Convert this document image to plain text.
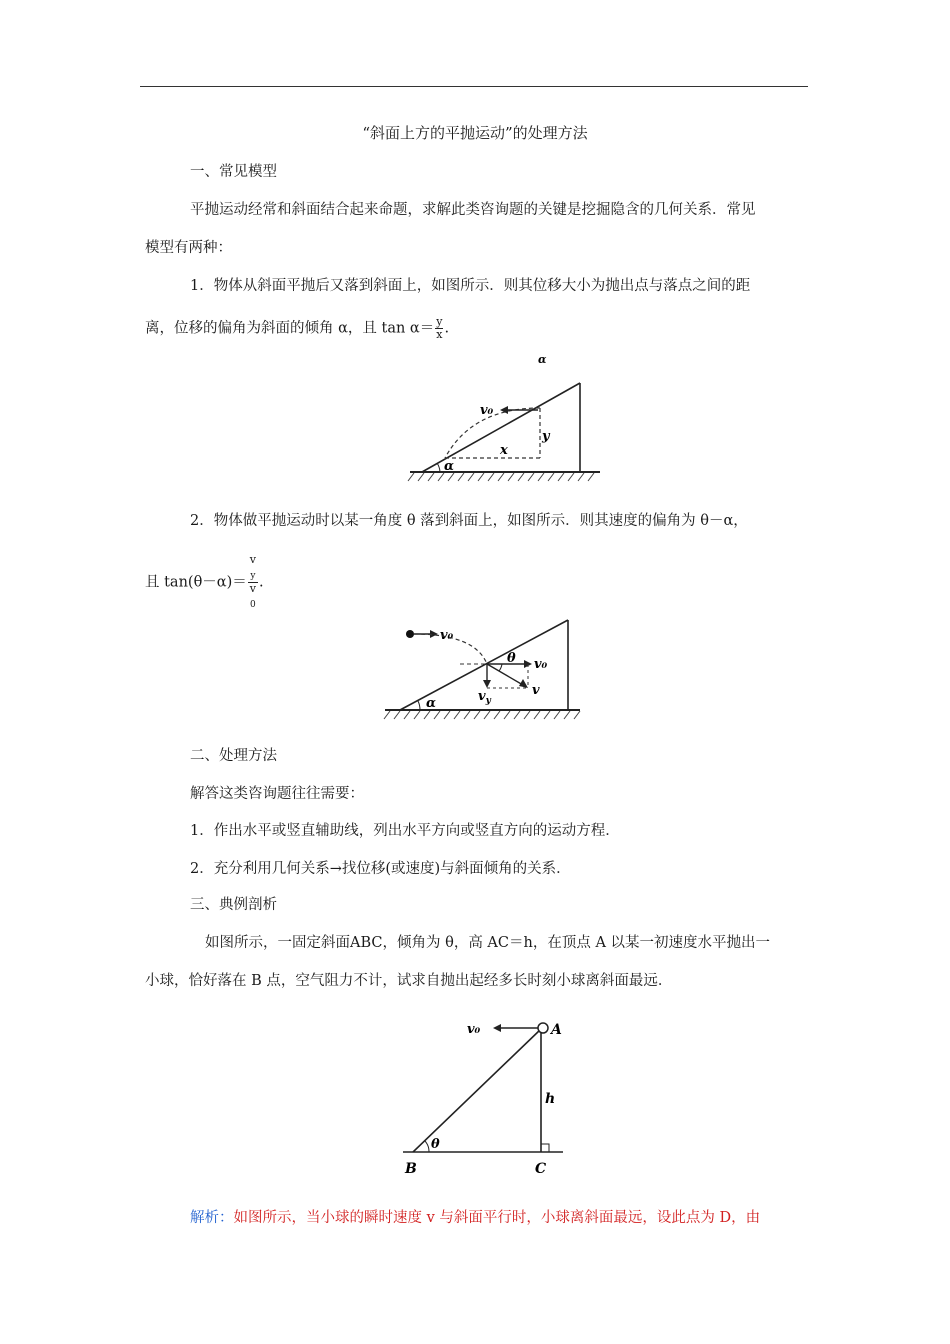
“斜面上方的平抛运动”的处理方法
一、常见模型
平抛运动经常和斜面结合起来命题，求解此类咨询题的关键是挖掘隐含的几何关系．常见
模型有两种：
1．物体从斜面平抛后又落到斜面上，如图所示．则其位移大小为抛出点与落点之间的距
离，位移的偏角为斜面的倾角 α，且 $\tan \alpha= \frac{y}{x}$ .
α
v₀
y
x
α
2．物体做平抛运动时以某一角度 θ 落到斜面上，如图所示．则其速度的偏角为 θ－α，
且 tan(θ－α)＝ v
$_y$
v
$_0$ .
v₀
v₀
θ
$v_y$
v
α
二、处理方法
解答这类咨询题往往需要：
1．作出水平或竖直辅助线，列出水平方向或竖直方向的运动方程．
2．充分利用几何关系→找位移(或速度)与斜面倾角的关系．
三、典例剖析
如图所示，一固定斜面ABC，倾角为 θ，高 AC＝h，在顶点 A 以某一初速度水平抛出一
小球，恰好落在 B 点，空气阻力不计，试求自抛出起经多长时刻小球离斜面最远．
v₀	A
h
θ
B	C
解析：如图所示，当小球的瞬时速度 v 与斜面平行时，小球离斜面最远，设此点为 D，由
